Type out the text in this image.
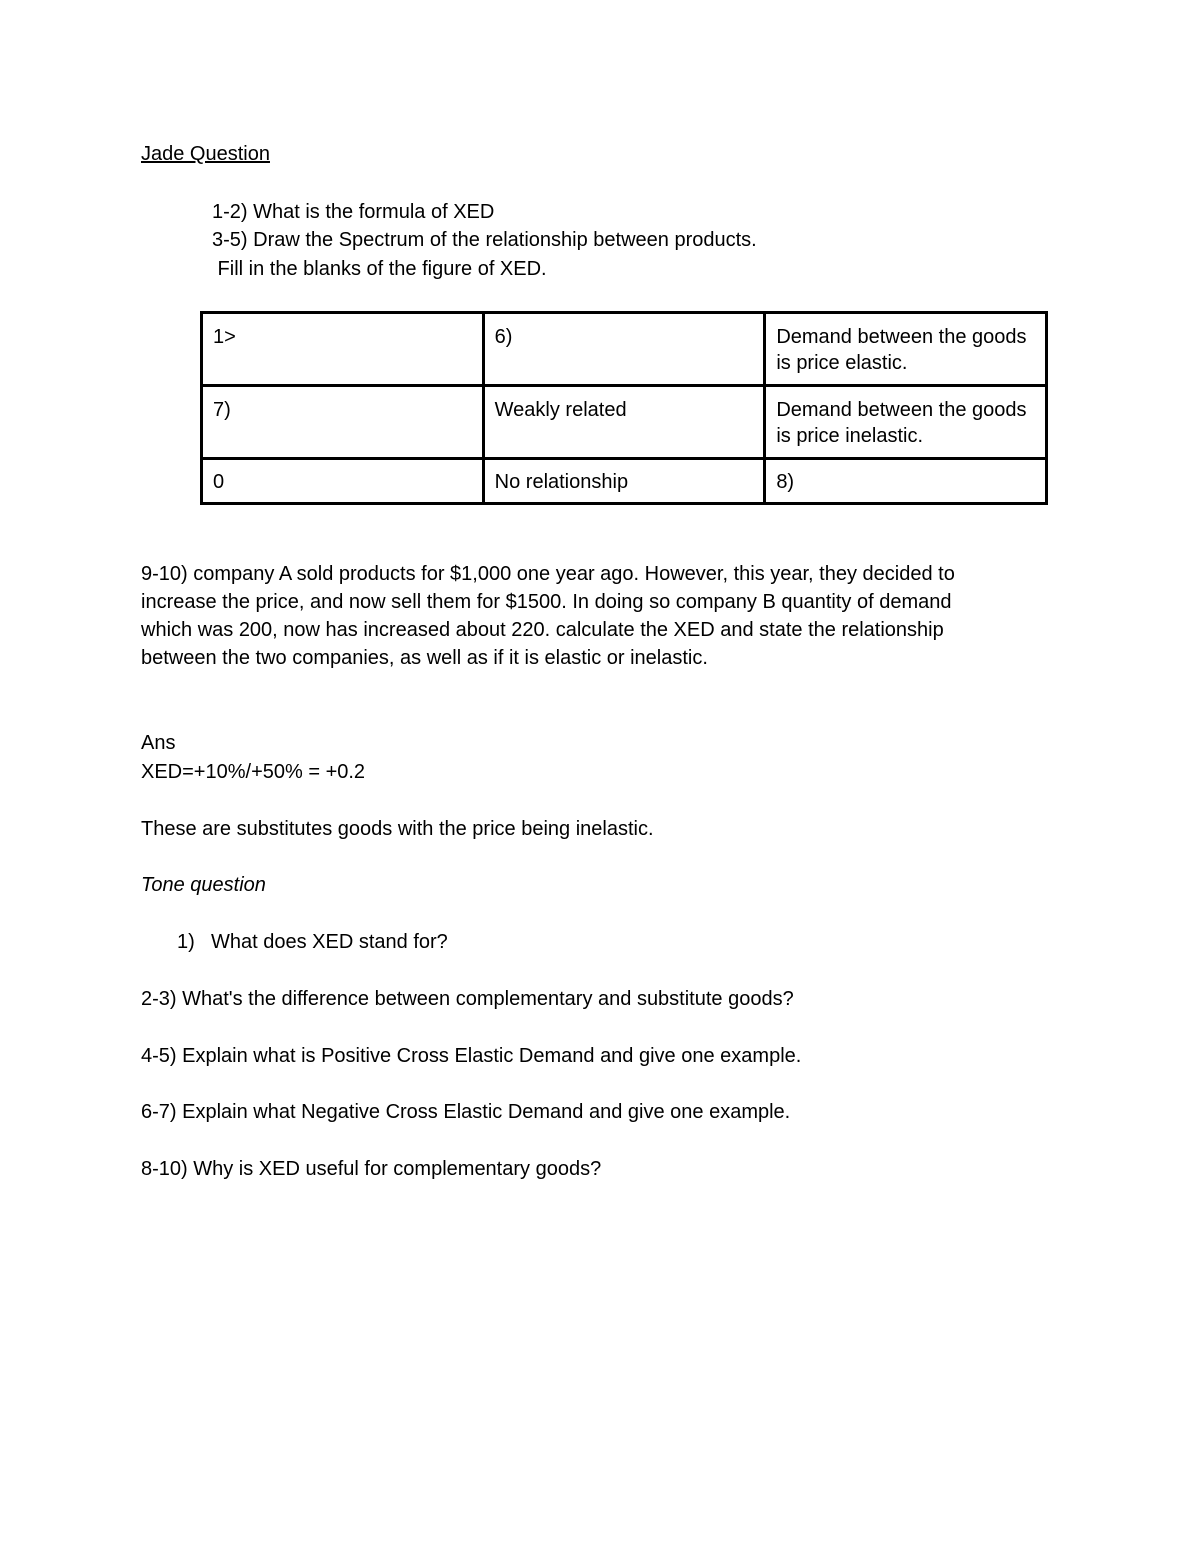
Jade Question
1-2) What is the formula of XED
3-5) Draw the Spectrum of the relationship between products.
Fill in the blanks of the figure of XED.
1>	6)	Demand between the goods is price elastic.
7)	Weakly related	Demand between the goods is price inelastic.
0	No relationship	8)
9-10) company A sold products for $1,000 one year ago. However, this year, they decided to
increase the price, and now sell them for $1500. In doing so company B quantity of demand
which was 200, now has increased about 220. calculate the XED and state the relationship
between the two companies, as well as if it is elastic or inelastic.
Ans
XED=+10%/+50% = +0.2
These are substitutes goods with the price being inelastic.
Tone question
1) What does XED stand for?
2-3) What's the difference between complementary and substitute goods?
4-5) Explain what is Positive Cross Elastic Demand and give one example.
6-7) Explain what Negative Cross Elastic Demand and give one example.
8-10) Why is XED useful for complementary goods?
